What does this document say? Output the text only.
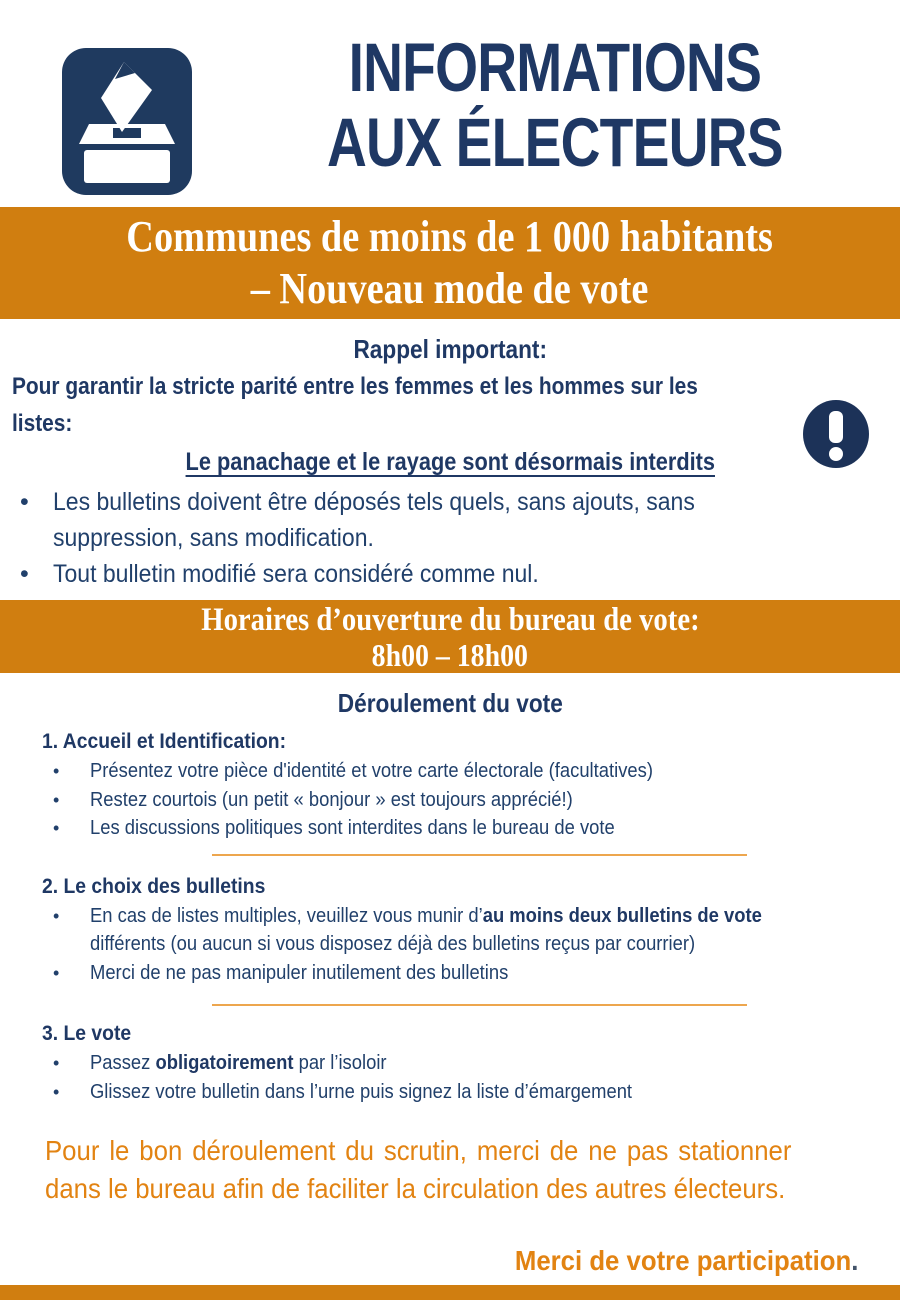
INFORMATIONS
AUX ÉLECTEURS
Communes de moins de 1 000 habitants
– Nouveau mode de vote
Rappel important:
Pour garantir la stricte parité entre les femmes et les hommes sur les
listes:
Le panachage et le rayage sont désormais interdits
• Les bulletins doivent être déposés tels quels, sans ajouts, sans
suppression, sans modification.
• Tout bulletin modifié sera considéré comme nul.
Horaires d’ouverture du bureau de vote:
8h00 – 18h00
Déroulement du vote
1. Accueil et Identification:
•	Présentez votre pièce d'identité et votre carte électorale (facultatives)
•	Restez courtois (un petit « bonjour » est toujours apprécié!)
•	Les discussions politiques sont interdites dans le bureau de vote
2. Le choix des bulletins
•	En cas de listes multiples, veuillez vous munir d’au moins deux bulletins de vote
différents (ou aucun si vous disposez déjà des bulletins reçus par courrier)
•	Merci de ne pas manipuler inutilement des bulletins
3. Le vote
•	Passez obligatoirement par l’isoloir
•	Glissez votre bulletin dans l’urne puis signez la liste d’émargement
Pour le bon déroulement du scrutin, merci de ne pas stationner
dans le bureau afin de faciliter la circulation des autres électeurs.
Merci de votre participation.
